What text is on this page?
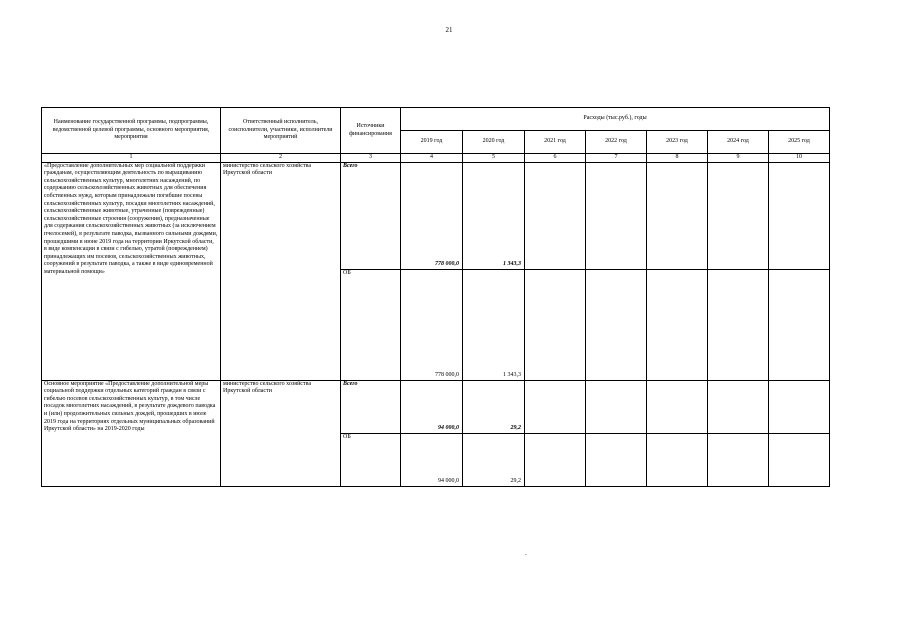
21
Наименование государственной программы, подпрограммы, ведомственной целевой программы, основного мероприятия, мероприятия	Ответственный исполнитель, соисполнители, участники, исполнители мероприятий	Источники финансирования	Расходы (тыс.руб.), годы						
			2019 год	2020 год	2021 год	2022 год	2023 год	2024 год	2025 год
1	2	3	4	5	6	7	8	9	10
«Предоставление дополнительных мер социальной поддержки гражданам, осуществляющим деятельность по выращиванию сельскохозяйственных культур, многолетних насаждений, по содержанию сельскохозяйственных животных для обеспечения собственных нужд, которым принадлежали погибшие посевы сельскохозяйственных культур, посадки многолетних насаждений, сельскохозяйственные животные, утраченные (поврежденные) сельскохозяйственные строения (сооружения), предназначенные для содержания сельскохозяйственных животных (за исключением пчелосемей), в результате паводка, вызванного сильными дождями, прошедшими в июне 2019 года на территории Иркутской области, в виде компенсации в связи с гибелью, утратой (повреждением) принадлежащих им посевов, сельскохозяйственных животных, сооружений в результате паводка, а также в виде единовременной материальной помощи»	министерство сельского хозяйства Иркутской области	Всего	778 000,0	1 343,3					
		ОБ	778 000,0	1 343,3					
Основное мероприятие «Предоставление дополнительной меры социальной поддержки отдельных категорий граждан в связи с гибелью посевов сельскохозяйственных культур, в том числе посадок многолетних насаждений, в результате дождевого паводка и (или) продолжительных сильных дождей, прошедших в июле 2019 года на территориях отдельных муниципальных образований Иркутской области» на 2019-2020 годы	министерство сельского хозяйства Иркутской области	Всего	94 000,0	29,2					
		ОБ	94 000,0	29,2					
